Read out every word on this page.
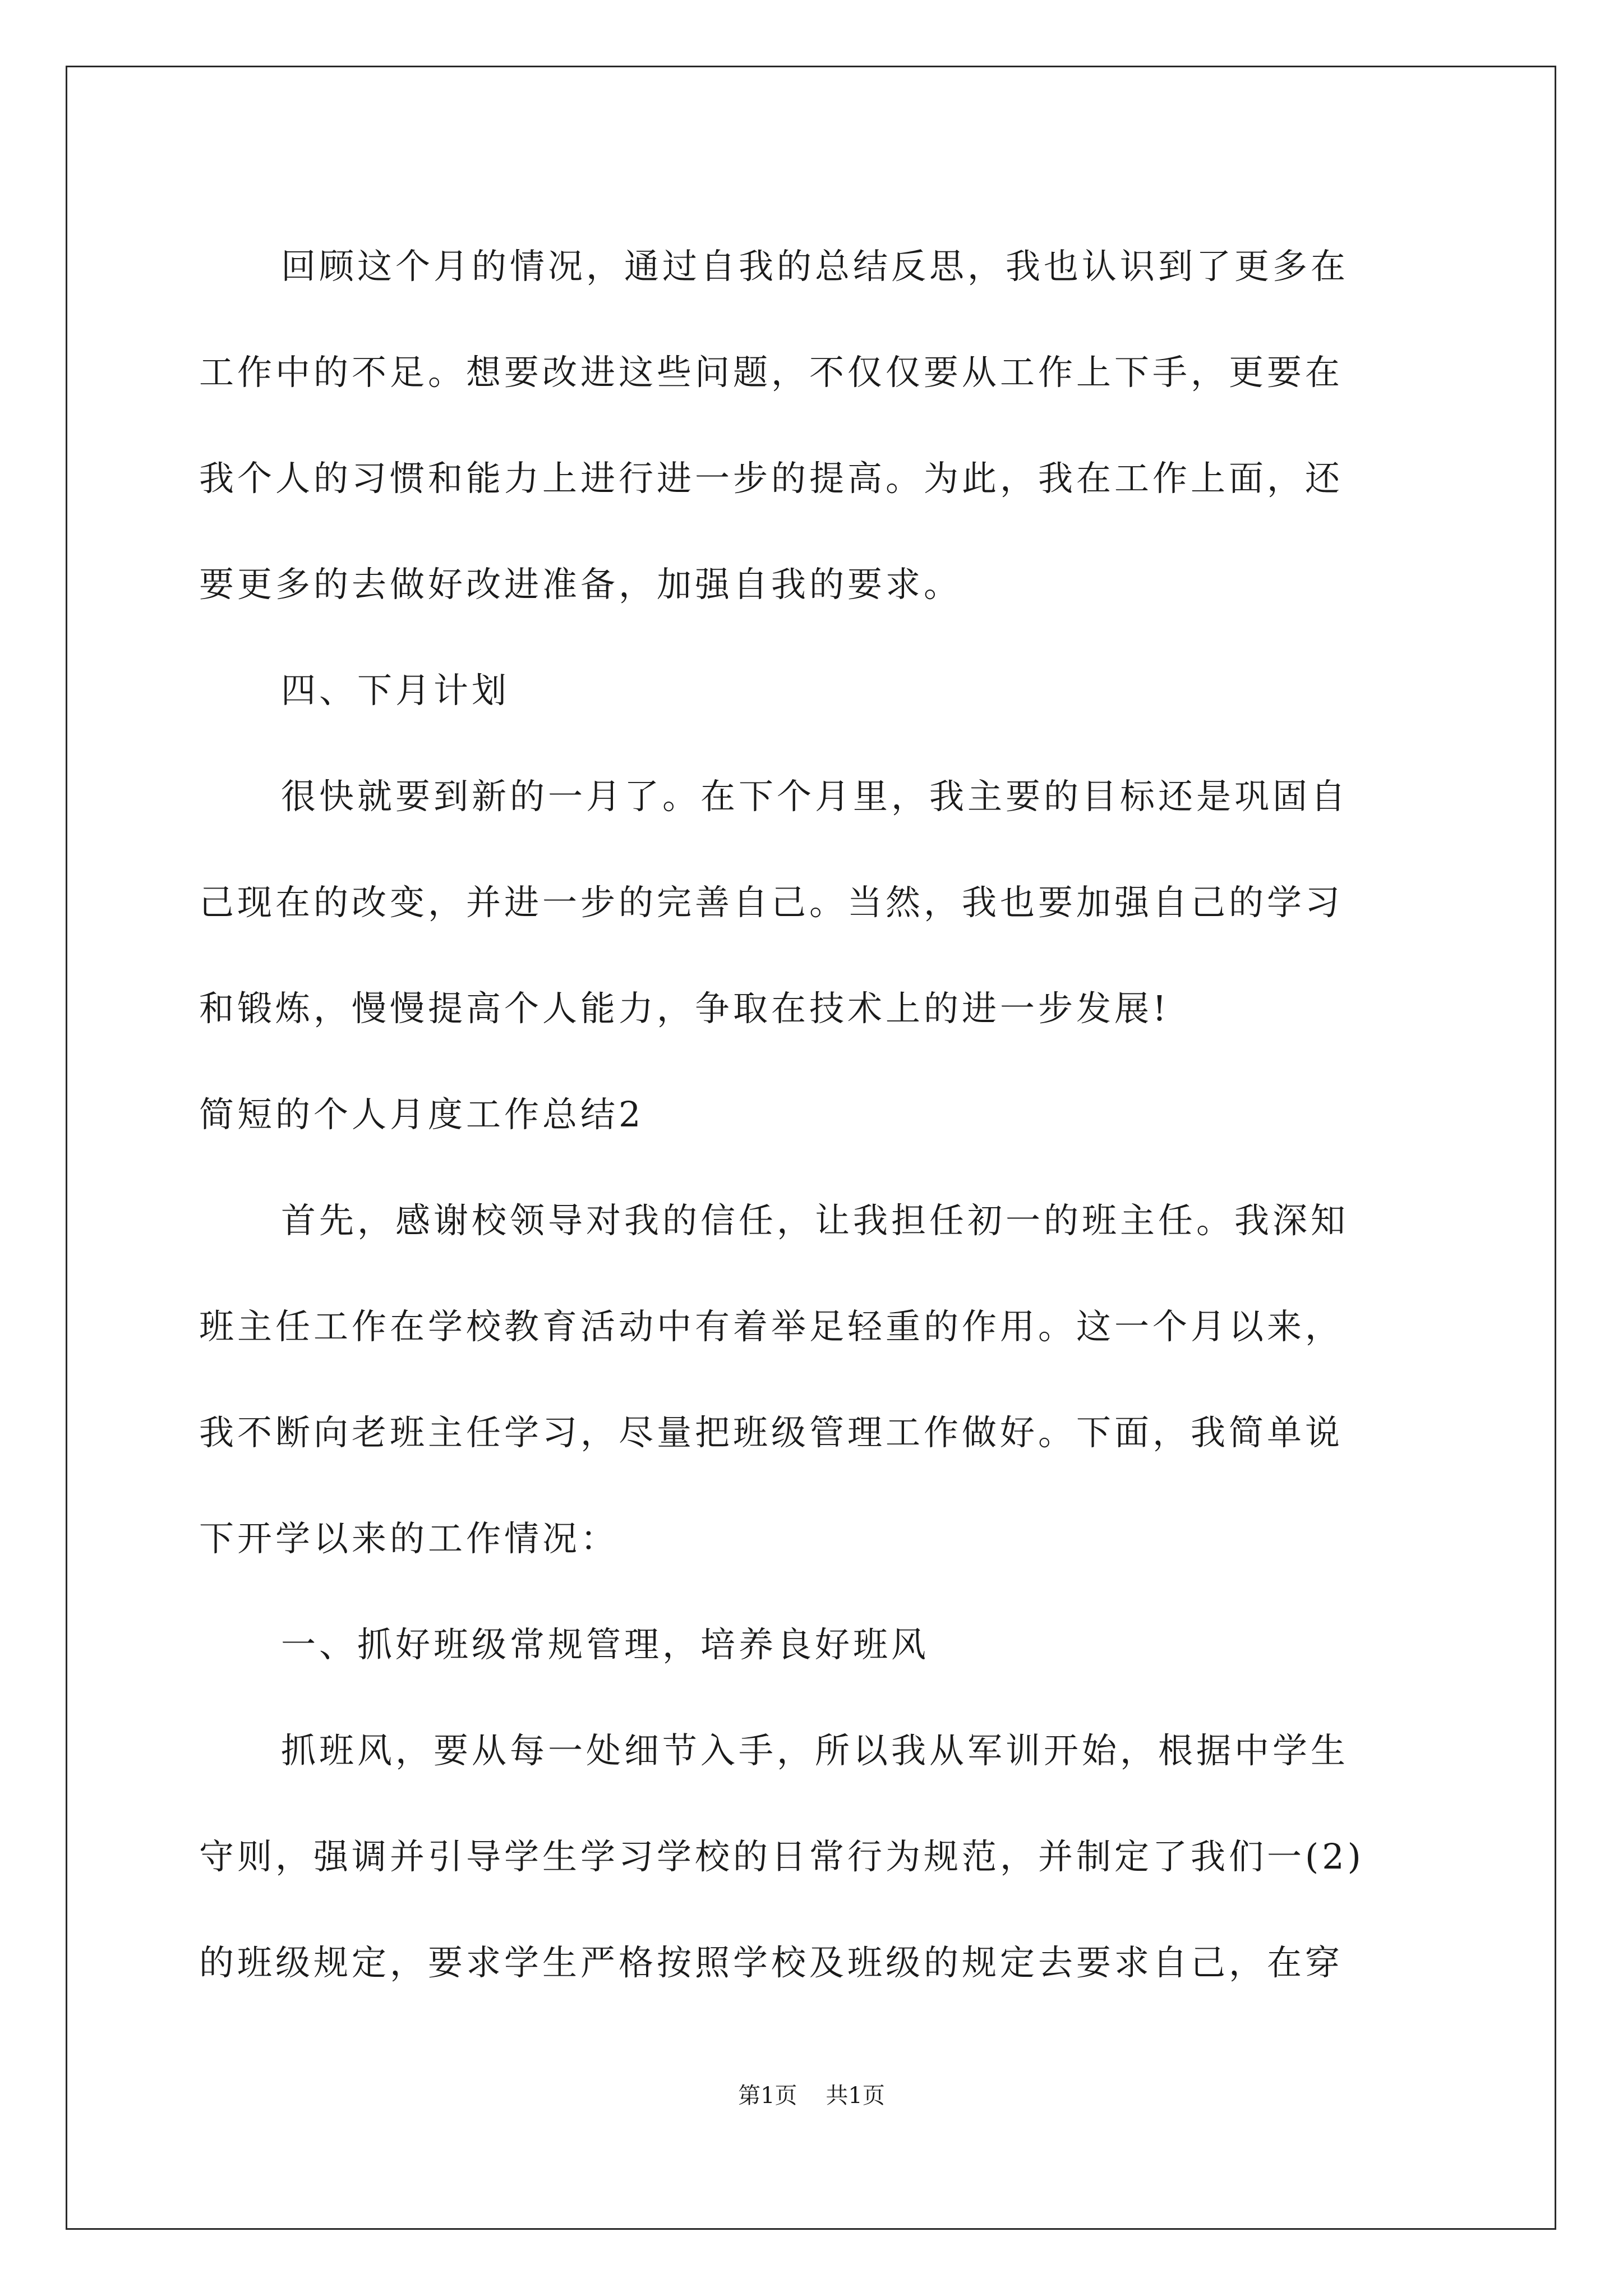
回顾这个月的情况，通过自我的总结反思，我也认识到了更多在
工作中的不足。想要改进这些问题，不仅仅要从工作上下手，更要在
我个人的习惯和能力上进行进一步的提高。为此，我在工作上面，还
要更多的去做好改进准备，加强自我的要求。

四、下月计划

很快就要到新的一月了。在下个月里，我主要的目标还是巩固自
己现在的改变，并进一步的完善自己。当然，我也要加强自己的学习
和锻炼，慢慢提高个人能力，争取在技术上的进一步发展!

简短的个人月度工作总结2

首先，感谢校领导对我的信任，让我担任初一的班主任。我深知
班主任工作在学校教育活动中有着举足轻重的作用。这一个月以来，
我不断向老班主任学习，尽量把班级管理工作做好。下面，我简单说
下开学以来的工作情况：

一、抓好班级常规管理，培养良好班风

抓班风，要从每一处细节入手，所以我从军训开始，根据中学生
守则，强调并引导学生学习学校的日常行为规范，并制定了我们一(2)
的班级规定，要求学生严格按照学校及班级的规定去要求自己，在穿

第1页 共1页
